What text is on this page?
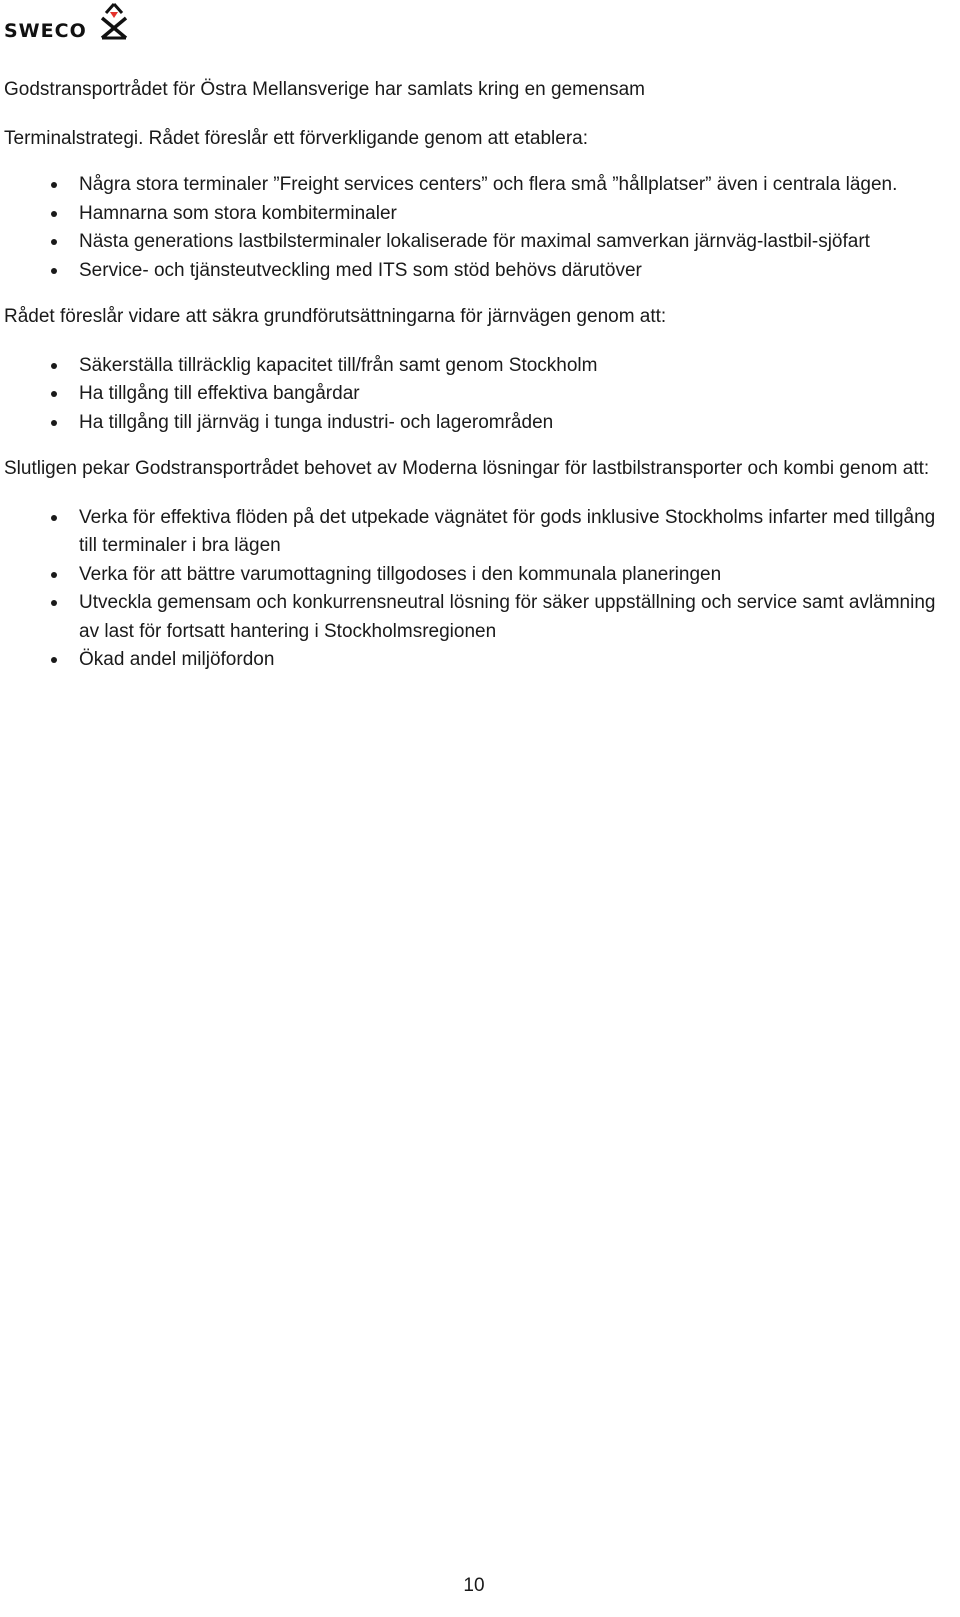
SWECO

Godstransportrådet för Östra Mellansverige har samlats kring en gemensam

Terminalstrategi. Rådet föreslår ett förverkligande genom att etablera:

Några stora terminaler ”Freight services centers” och flera små ”hållplatser” även i centrala lägen.
Hamnarna som stora kombiterminaler
Nästa generations lastbilsterminaler lokaliserade för maximal samverkan järnväg-lastbil-sjöfart
Service- och tjänsteutveckling med ITS som stöd behövs därutöver

Rådet föreslår vidare att säkra grundförutsättningarna för järnvägen genom att:

Säkerställa tillräcklig kapacitet till/från samt genom Stockholm
Ha tillgång till effektiva bangårdar
Ha tillgång till järnväg i tunga industri- och lagerområden

Slutligen pekar Godstransportrådet behovet av Moderna lösningar för lastbilstransporter och kombi genom att:

Verka för effektiva flöden på det utpekade vägnätet för gods inklusive Stockholms infarter med tillgång till terminaler i bra lägen
Verka för att bättre varumottagning tillgodoses i den kommunala planeringen
Utveckla gemensam och konkurrensneutral lösning för säker uppställning och service samt avlämning av last för fortsatt hantering i Stockholmsregionen
Ökad andel miljöfordon
10
